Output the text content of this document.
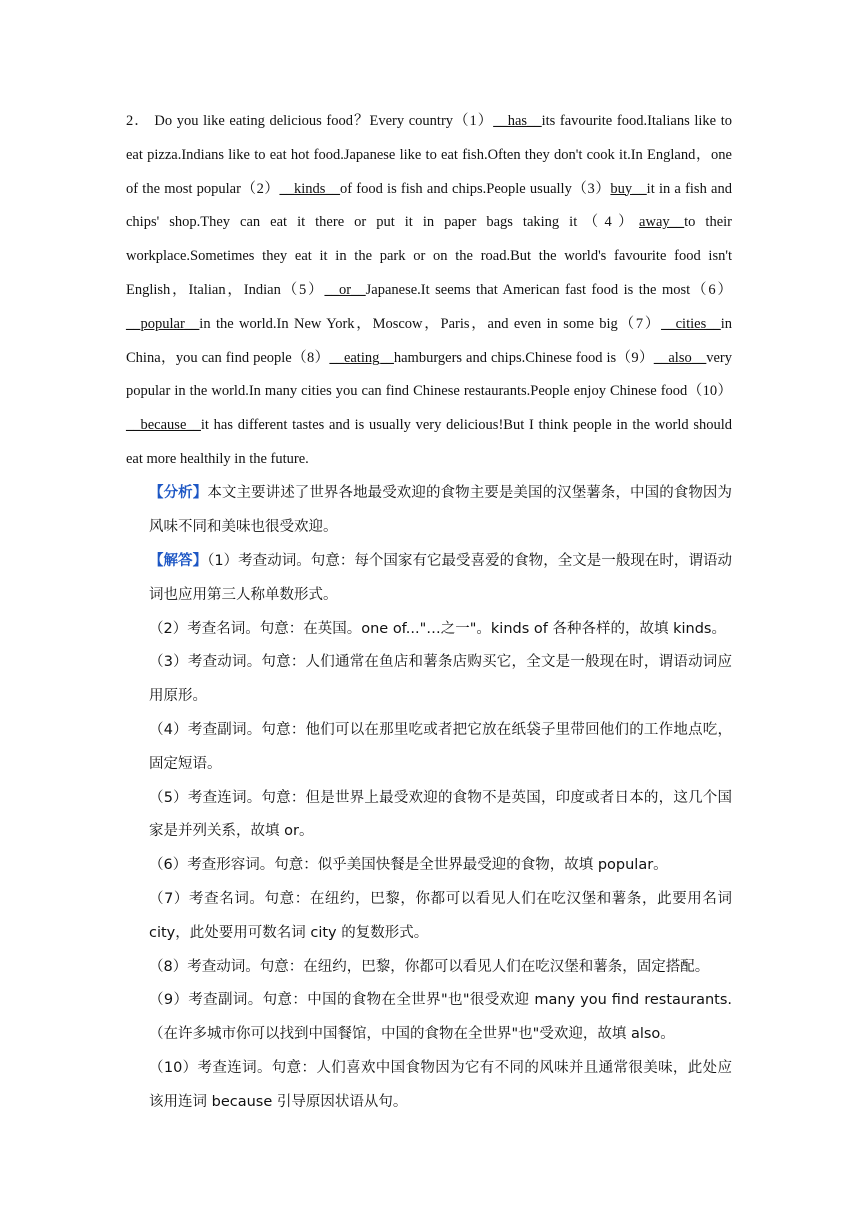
2． Do you like eating delicious food？Every country（1）__has__its favourite food.Italians like to eat pizza.Indians like to eat hot food.Japanese like to eat fish.Often they don't cook it.In England，one of the most popular（2）__kinds__of food is fish and chips.People usually（3）buy__it in a fish and chips' shop.They can eat it there or put it in paper bags taking it（4）away__to their workplace.Sometimes they eat it in the park or on the road.But the world's favourite food isn't English，Italian，Indian（5）__or__Japanese.It seems that American fast food is the most（6）__popular__in the world.In New York，Moscow，Paris，and even in some big（7）__cities__in China，you can find people（8）__eating__hamburgers and chips.Chinese food is（9）__also__very popular in the world.In many cities you can find Chinese restaurants.People enjoy Chinese food（10）__because__it has different tastes and is usually very delicious!But I think people in the world should eat more healthily in the future.
【分析】本文主要讲述了世界各地最受欢迎的食物主要是美国的汉堡薯条，中国的食物因为风味不同和美味也很受欢迎。

【解答】（1）考查动词。句意：每个国家有它最受喜爱的食物，全文是一般现在时，谓语动词也应用第三人称单数形式。

（2）考查名词。句意：在英国。one of..."…之一"。kinds of 各种各样的，故填 kinds。

（3）考查动词。句意：人们通常在鱼店和薯条店购买它，全文是一般现在时，谓语动词应用原形。

（4）考查副词。句意：他们可以在那里吃或者把它放在纸袋子里带回他们的工作地点吃，固定短语。

（5）考查连词。句意：但是世界上最受欢迎的食物不是英国，印度或者日本的，这几个国家是并列关系，故填 or。

（6）考查形容词。句意：似乎美国快餐是全世界最受迎的食物，故填 popular。

（7）考查名词。句意：在纽约，巴黎，你都可以看见人们在吃汉堡和薯条，此要用名词 city，此处要用可数名词 city 的复数形式。

（8）考查动词。句意：在纽约，巴黎，你都可以看见人们在吃汉堡和薯条，固定搭配。

（9）考查副词。句意：中国的食物在全世界"也"很受欢迎 many you find restaurants.（在许多城市你可以找到中国餐馆，中国的食物在全世界"也"受欢迎，故填 also。

（10）考查连词。句意：人们喜欢中国食物因为它有不同的风味并且通常很美味，此处应该用连词 because 引导原因状语从句。
